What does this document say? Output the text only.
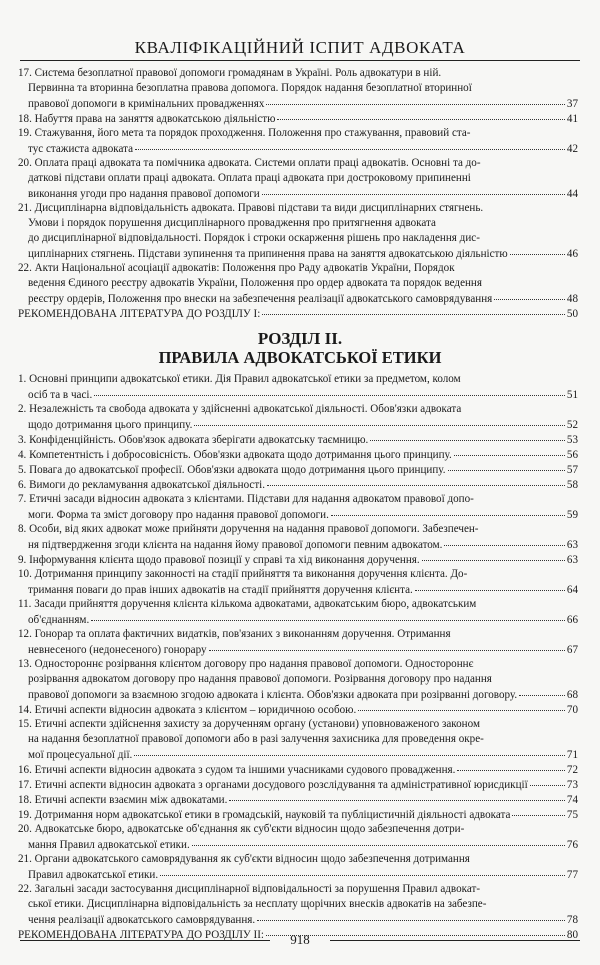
КВАЛІФІКАЦІЙНИЙ ІСПИТ АДВОКАТА
17. Система безоплатної правової допомоги громадянам в Україні. Роль адвокатури в ній.
Первинна та вторинна безоплатна правова допомога. Порядок надання безоплатної вторинної
правової допомоги в кримінальних провадженнях	37
18. Набуття права на заняття адвокатською діяльністю	41
19. Стажування, його мета та порядок проходження. Положення про стажування, правовий ста-
тус стажиста адвоката	42
20. Оплата праці адвоката та помічника адвоката. Системи оплати праці адвокатів. Основні та до-
даткові підстави оплати праці адвоката. Оплата праці адвоката при достроковому припиненні
виконання угоди про надання правової допомоги	44
21. Дисциплінарна відповідальність адвоката. Правові підстави та види дисциплінарних стягнень.
Умови і порядок порушення дисциплінарного провадження про притягнення адвоката
до дисциплінарної відповідальності. Порядок і строки оскарження рішень про накладення дис-
циплінарних стягнень. Підстави зупинення та припинення права на заняття адвокатською діяльністю	46
22. Акти Національної асоціації адвокатів: Положення про Раду адвокатів України, Порядок
ведення Єдиного реєстру адвокатів України, Положення про ордер адвоката та порядок ведення
реєстру ордерів, Положення про внески на забезпечення реалізації адвокатського самоврядування	48
РЕКОМЕНДОВАНА ЛІТЕРАТУРА ДО РОЗДІЛУ І:	50
РОЗДІЛ ІІ.
ПРАВИЛА АДВОКАТСЬКОЇ ЕТИКИ
1. Основні принципи адвокатської етики. Дія Правил адвокатської етики за предметом, колом
осіб та в часі.	51
2. Незалежність та свобода адвоката у здійсненні адвокатської діяльності. Обов'язки адвоката
щодо дотримання цього принципу.	52
3. Конфіденційність. Обов'язок адвоката зберігати адвокатську таємницю.	53
4. Компетентність і добросовісність. Обов'язки адвоката щодо дотримання цього принципу.	56
5. Повага до адвокатської професії. Обов'язки адвоката щодо дотримання цього принципу.	57
6. Вимоги до рекламування адвокатської діяльності.	58
7. Етичні засади відносин адвоката з клієнтами. Підстави для надання адвокатом правової допо-
моги. Форма та зміст договору про надання правової допомоги.	59
8. Особи, від яких адвокат може прийняти доручення на надання правової допомоги. Забезпечен-
ня підтвердження згоди клієнта на надання йому правової допомоги певним адвокатом.	63
9. Інформування клієнта щодо правової позиції у справі та хід виконання доручення.	63
10. Дотримання принципу законності на стадії прийняття та виконання доручення клієнта. До-
тримання поваги до прав інших адвокатів на стадії прийняття доручення клієнта.	64
11. Засади прийняття доручення клієнта кількома адвокатами, адвокатським бюро, адвокатським
об'єднанням.	66
12. Гонорар та оплата фактичних видатків, пов'язаних з виконанням доручення. Отримання
невнесеного (недонесеного) гонорару	67
13. Одностороннє розірвання клієнтом договору про надання правової допомоги. Одностороннє
розірвання адвокатом договору про надання правової допомоги. Розірвання договору про надання
правової допомоги за взаємною згодою адвоката і клієнта. Обов'язки адвоката при розірванні договору.	68
14. Етичні аспекти відносин адвоката з клієнтом – юридичною особою.	70
15. Етичні аспекти здійснення захисту за дорученням органу (установи) уповноваженого законом
на надання безоплатної правової допомоги або в разі залучення захисника для проведення окре-
мої процесуальної дії.	71
16. Етичні аспекти відносин адвоката з судом та іншими учасниками судового провадження.	72
17. Етичні аспекти відносин адвоката з органами досудового розслідування та адміністративної юрисдикції	73
18. Етичні аспекти взаємин між адвокатами.	74
19. Дотримання норм адвокатської етики в громадській, науковій та публіцистичній діяльності адвоката	75
20. Адвокатське бюро, адвокатське об'єднання як суб'єкти відносин щодо забезпечення дотри-
мання Правил адвокатської етики.	76
21. Органи адвокатського самоврядування як суб'єкти відносин щодо забезпечення дотримання
Правил адвокатської етики.	77
22. Загальні засади застосування дисциплінарної відповідальності за порушення Правил адвокат-
ської етики. Дисциплінарна відповідальність за несплату щорічних внесків адвокатів на забезпе-
чення реалізації адвокатського самоврядування.	78
РЕКОМЕНДОВАНА ЛІТЕРАТУРА ДО РОЗДІЛУ ІІ:	80
918
